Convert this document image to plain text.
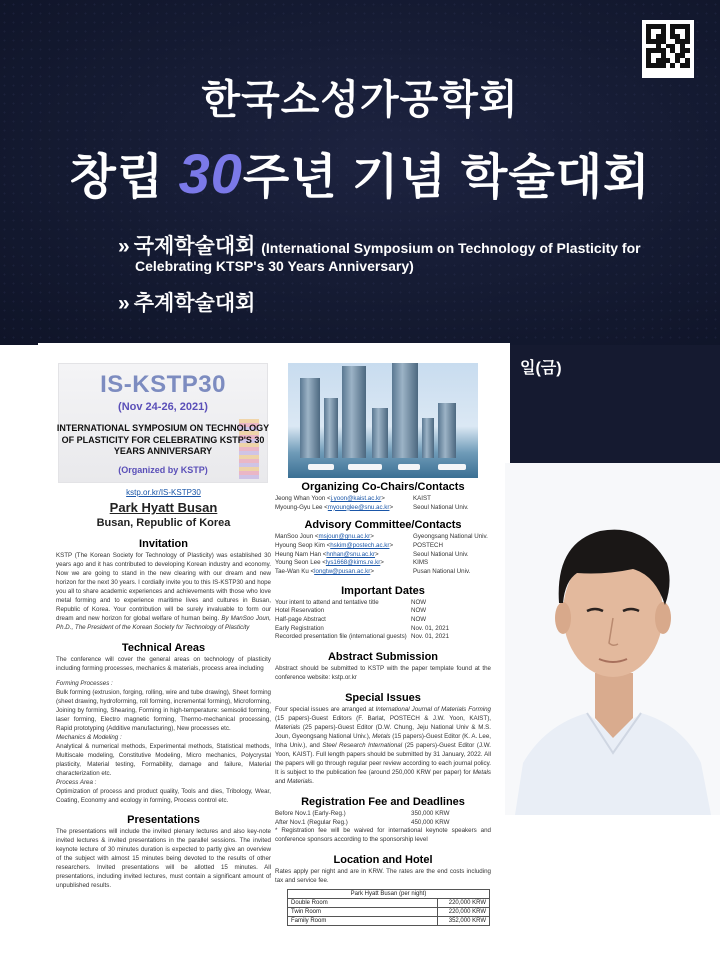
한국소성가공학회
창립 30주년 기념 학술대회
» 국제학술대회 (International Symposium on Technology of Plasticity for
Celebrating KTSP's 30 Years Anniversary)
» 추계학술대회
일(금)
IS-KSTP30
(Nov 24-26, 2021)
INTERNATIONAL SYMPOSIUM ON TECHNOLOGY OF PLASTICITY FOR CELEBRATING KSTP'S 30 YEARS ANNIVERSARY
(Organized by KSTP)
kstp.or.kr/IS-KSTP30
Park Hyatt Busan
Busan, Republic of Korea
Invitation

KSTP (The Korean Society for Technology of Plasticity) was established 30 years ago and it has contributed to developing Korean industry and economy. Now we are going to stand in the new clearing with our dream and new horizon for the next 30 years. I cordially invite you to this IS-KSTP30 and hope you all to share academic experiences and achievements with those who love metal forming and to experience maritime lives and cultures in Busan, Republic of Korea. Your contribution will be surely invaluable to form our dream and new horizon for global welfare of human being. By ManSoo Joun, Ph.D., The President of the Korean Society for Technology of Plasticity

Technical Areas

The conference will cover the general areas on technology of plasticity including forming processes, mechanics & materials, process area including

Forming Processes :

Bulk forming (extrusion, forging, rolling, wire and tube drawing), Sheet forming (sheet drawing, hydroforming, roll forming, incremental forming), Microforming, Joining by forming, Shearing, Forming in high-temperature: semisolid forming, laser forming, Electro magnetic forming, Thermo-mechanical processing, Rapid prototyping (Additive manufacturing), New processes etc.

Mechanics & Modeling :

Analytical & numerical methods, Experimental methods, Statistical methods, Multiscale modeling, Constitutive Modeling, Micro mechanics, Polycrystal plasticity, Material testing, Formability, damage and failure, Material characterization etc.

Process Area :

Optimization of process and product quality, Tools and dies, Tribology, Wear, Coating, Economy and ecology in forming, Process control etc.

Presentations

The presentations will include the invited plenary lectures and also key-note invited lectures & invited presentations in the parallel sessions. The invited keynote lecture of 30 minutes duration is expected to partly give an overview of the subject with almost 15 minutes being devoted to the results of other researchers. Invited presentations will be allotted 15 minutes. All presentations, including invited lectures, must contain a significant amount of unpublished results.

Organizing Co-Chairs/Contacts
Jeong Whan Yoon <j.yoon@kaist.ac.kr>	KAIST
Myoung-Gyu Lee <myounglee@snu.ac.kr>	Seoul National Univ.
Advisory Committee/Contacts
ManSoo Joun <msjoun@gnu.ac.kr>	Gyeongsang National Univ.
Hyoung Seop Kim <hskim@postech.ac.kr>	POSTECH
Heung Nam Han <hnhan@snu.ac.kr>	Seoul National Univ.
Young Seon Lee <lys1668@kims.re.kr>	KIMS
Tae-Wan Ku <longtw@pusan.ac.kr>	Pusan National Univ.
Important Dates
Your intent to attend and tentative title	NOW
Hotel Reservation	NOW
Half-page Abstract	NOW
Early Registration	Nov. 01, 2021
Recorded presentation file (international guests) Nov. 01, 2021
Abstract Submission

Abstract should be submitted to KSTP with the paper template found at the conference website: kstp.or.kr

Special Issues

Four special issues are arranged at International Journal of Materials Forming (15 papers)-Guest Editors (F. Barlat, POSTECH & J.W. Yoon, KAIST), Materials (25 papers)-Guest Editor (D.W. Chung, Jeju National Univ & M.S. Joun, Gyeongsang National Univ.), Metals (15 papers)-Guest Editor (K. A. Lee, Inha Univ.), and Steel Research International (25 papers)-Guest Editor (J.W. Yoon, KAIST). Full length papers should be submitted by 31 January, 2022. All the papers will go through regular peer review according to each journal policy. It is subject to the publication fee (around 250,000 KRW per paper) for Metals and Materials.

Registration Fee and Deadlines
Before Nov.1 (Early-Reg.)	350,000 KRW
After Nov.1 (Regular Reg.)	450,000 KRW

* Registration fee will be waived for international keynote speakers and conference sponsors according to the sponsorship level

Location and Hotel

Rates apply per night and are in KRW. The rates are the end costs including tax and service fee.

Park Hyatt Busan (per night)	
Double Room	220,000 KRW
Twin Room	220,000 KRW
Family Room	352,000 KRW
